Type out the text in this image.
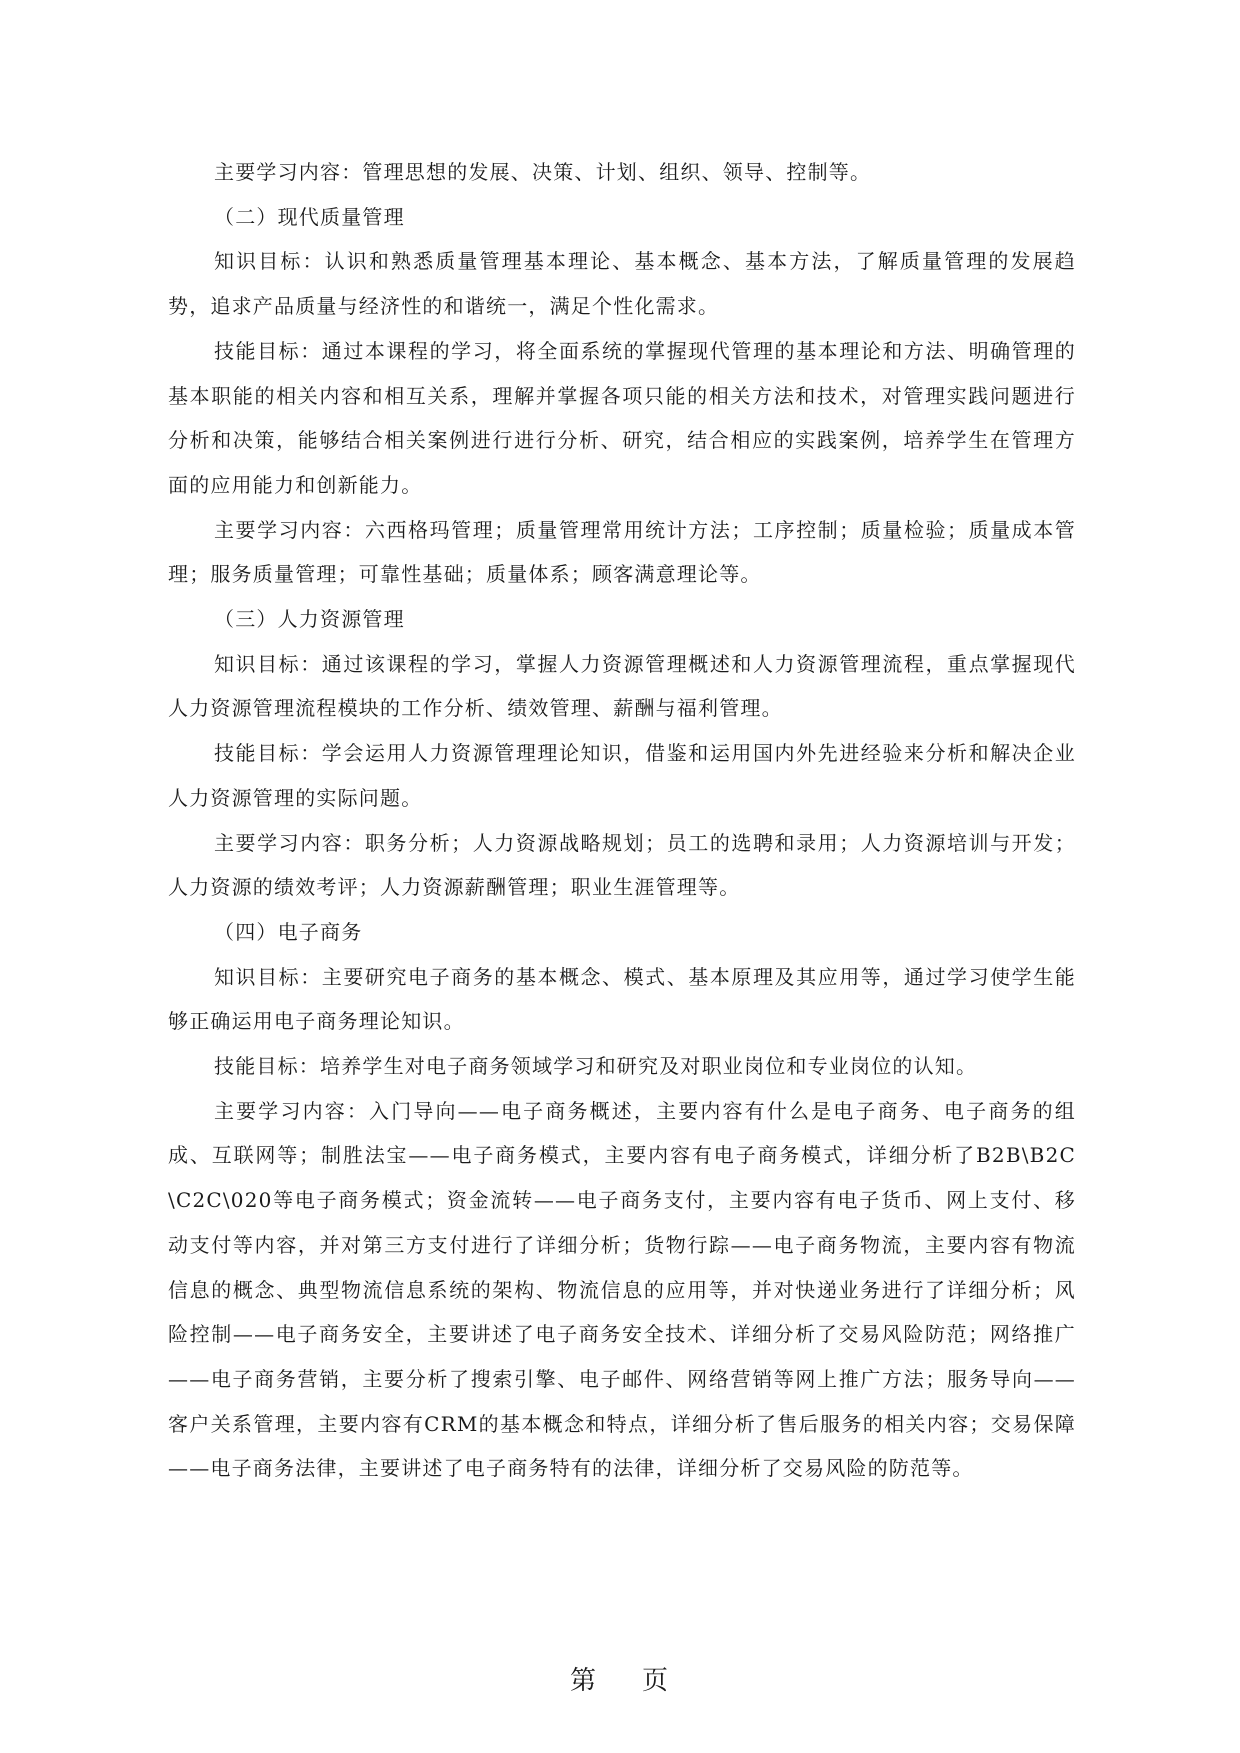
主要学习内容：管理思想的发展、决策、计划、组织、领导、控制等。

（二）现代质量管理

知识目标：认识和熟悉质量管理基本理论、基本概念、基本方法，了解质量管理的发展趋势，追求产品质量与经济性的和谐统一，满足个性化需求。

技能目标：通过本课程的学习，将全面系统的掌握现代管理的基本理论和方法、明确管理的基本职能的相关内容和相互关系，理解并掌握各项只能的相关方法和技术，对管理实践问题进行分析和决策，能够结合相关案例进行进行分析、研究，结合相应的实践案例，培养学生在管理方面的应用能力和创新能力。

主要学习内容：六西格玛管理；质量管理常用统计方法；工序控制；质量检验；质量成本管理；服务质量管理；可靠性基础；质量体系；顾客满意理论等。

（三）人力资源管理

知识目标：通过该课程的学习，掌握人力资源管理概述和人力资源管理流程，重点掌握现代人力资源管理流程模块的工作分析、绩效管理、薪酬与福利管理。

技能目标：学会运用人力资源管理理论知识，借鉴和运用国内外先进经验来分析和解决企业人力资源管理的实际问题。

主要学习内容：职务分析；人力资源战略规划；员工的选聘和录用；人力资源培训与开发；人力资源的绩效考评；人力资源薪酬管理；职业生涯管理等。

（四）电子商务

知识目标：主要研究电子商务的基本概念、模式、基本原理及其应用等，通过学习使学生能够正确运用电子商务理论知识。

技能目标：培养学生对电子商务领域学习和研究及对职业岗位和专业岗位的认知。

主要学习内容：入门导向——电子商务概述，主要内容有什么是电子商务、电子商务的组成、互联网等；制胜法宝——电子商务模式，主要内容有电子商务模式，详细分析了B2B\B2C\C2C\020等电子商务模式；资金流转——电子商务支付，主要内容有电子货币、网上支付、移动支付等内容，并对第三方支付进行了详细分析；货物行踪——电子商务物流，主要内容有物流信息的概念、典型物流信息系统的架构、物流信息的应用等，并对快递业务进行了详细分析；风险控制——电子商务安全，主要讲述了电子商务安全技术、详细分析了交易风险防范；网络推广——电子商务营销，主要分析了搜索引擎、电子邮件、网络营销等网上推广方法；服务导向——客户关系管理，主要内容有CRM的基本概念和特点，详细分析了售后服务的相关内容；交易保障——电子商务法律，主要讲述了电子商务特有的法律，详细分析了交易风险的防范等。

第 页
